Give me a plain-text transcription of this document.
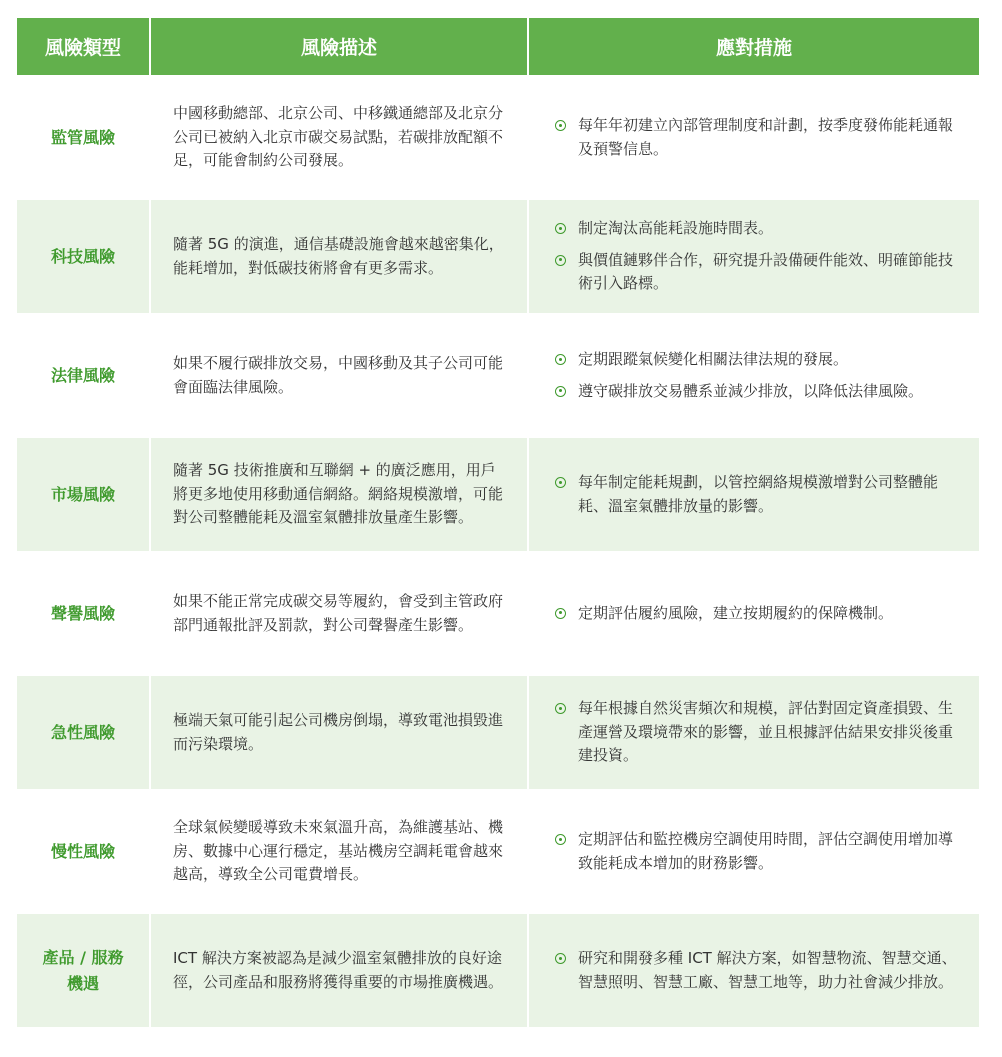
風險類型	風險描述	應對措施
監管風險
中國移動總部、北京公司、中移鐵通總部及北京分公司已被納入北京市碳交易試點，若碳排放配額不足，可能會制約公司發展。
每年年初建立內部管理制度和計劃，按季度發佈能耗通報及預警信息。
科技風險
隨著 5G 的演進，通信基礎設施會越來越密集化，能耗增加，對低碳技術將會有更多需求。
制定淘汰高能耗設施時間表。
與價值鏈夥伴合作，研究提升設備硬件能效、明確節能技術引入路標。
法律風險
如果不履行碳排放交易，中國移動及其子公司可能會面臨法律風險。
定期跟蹤氣候變化相關法律法規的發展。
遵守碳排放交易體系並減少排放，以降低法律風險。
市場風險
隨著 5G 技術推廣和互聯網 + 的廣泛應用，用戶將更多地使用移動通信網絡。網絡規模激增，可能對公司整體能耗及溫室氣體排放量產生影響。
每年制定能耗規劃，以管控網絡規模激增對公司整體能耗、溫室氣體排放量的影響。
聲譽風險
如果不能正常完成碳交易等履約，會受到主管政府部門通報批評及罰款，對公司聲譽產生影響。
定期評估履約風險，建立按期履約的保障機制。
急性風險
極端天氣可能引起公司機房倒塌，導致電池損毀進而污染環境。
每年根據自然災害頻次和規模，評估對固定資產損毀、生產運營及環境帶來的影響，並且根據評估結果安排災後重建投資。
慢性風險
全球氣候變暖導致未來氣溫升高，為維護基站、機房、數據中心運行穩定，基站機房空調耗電會越來越高，導致全公司電費增長。
定期評估和監控機房空調使用時間，評估空調使用增加導致能耗成本增加的財務影響。
產品 / 服務
機遇
ICT 解決方案被認為是減少溫室氣體排放的良好途徑，公司產品和服務將獲得重要的市場推廣機遇。
研究和開發多種 ICT 解決方案，如智慧物流、智慧交通、智慧照明、智慧工廠、智慧工地等，助力社會減少排放。
